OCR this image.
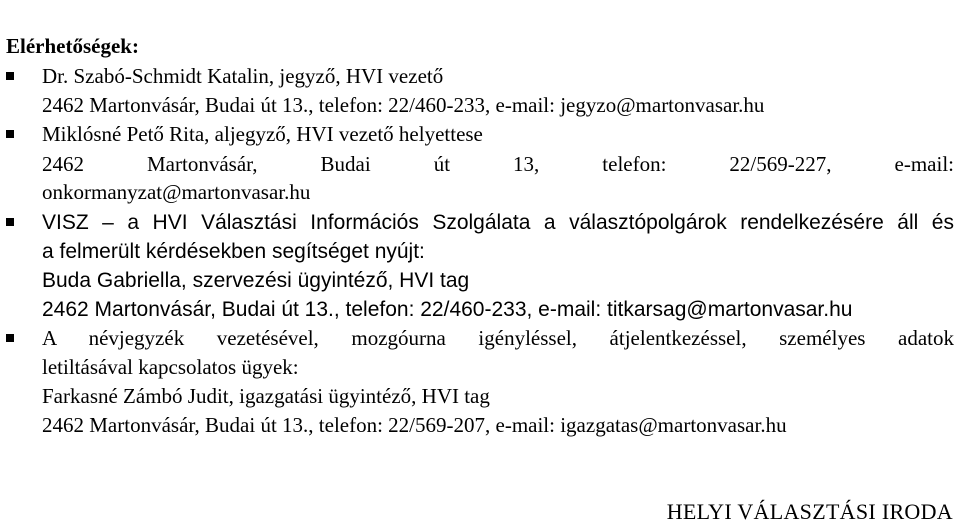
Elérhetőségek:
Dr. Szabó-Schmidt Katalin, jegyző, HVI vezető
2462 Martonvásár, Budai út 13., telefon: 22/460-233, e-mail: jegyzo@martonvasar.hu
Miklósné Pető Rita, aljegyző, HVI vezető helyettese
2462 Martonvásár, Budai út 13, telefon: 22/569-227, e-mail:
onkormanyzat@martonvasar.hu
VISZ – a HVI Választási Információs Szolgálata a választópolgárok rendelkezésére áll és
a felmerült kérdésekben segítséget nyújt:
Buda Gabriella, szervezési ügyintéző, HVI tag
2462 Martonvásár, Budai út 13., telefon: 22/460-233, e-mail: titkarsag@martonvasar.hu
A névjegyzék vezetésével, mozgóurna igényléssel, átjelentkezéssel, személyes adatok
letiltásával kapcsolatos ügyek:
Farkasné Zámbó Judit, igazgatási ügyintéző, HVI tag
2462 Martonvásár, Budai út 13., telefon: 22/569-207, e-mail: igazgatas@martonvasar.hu
HELYI VÁLASZTÁSI IRODA
